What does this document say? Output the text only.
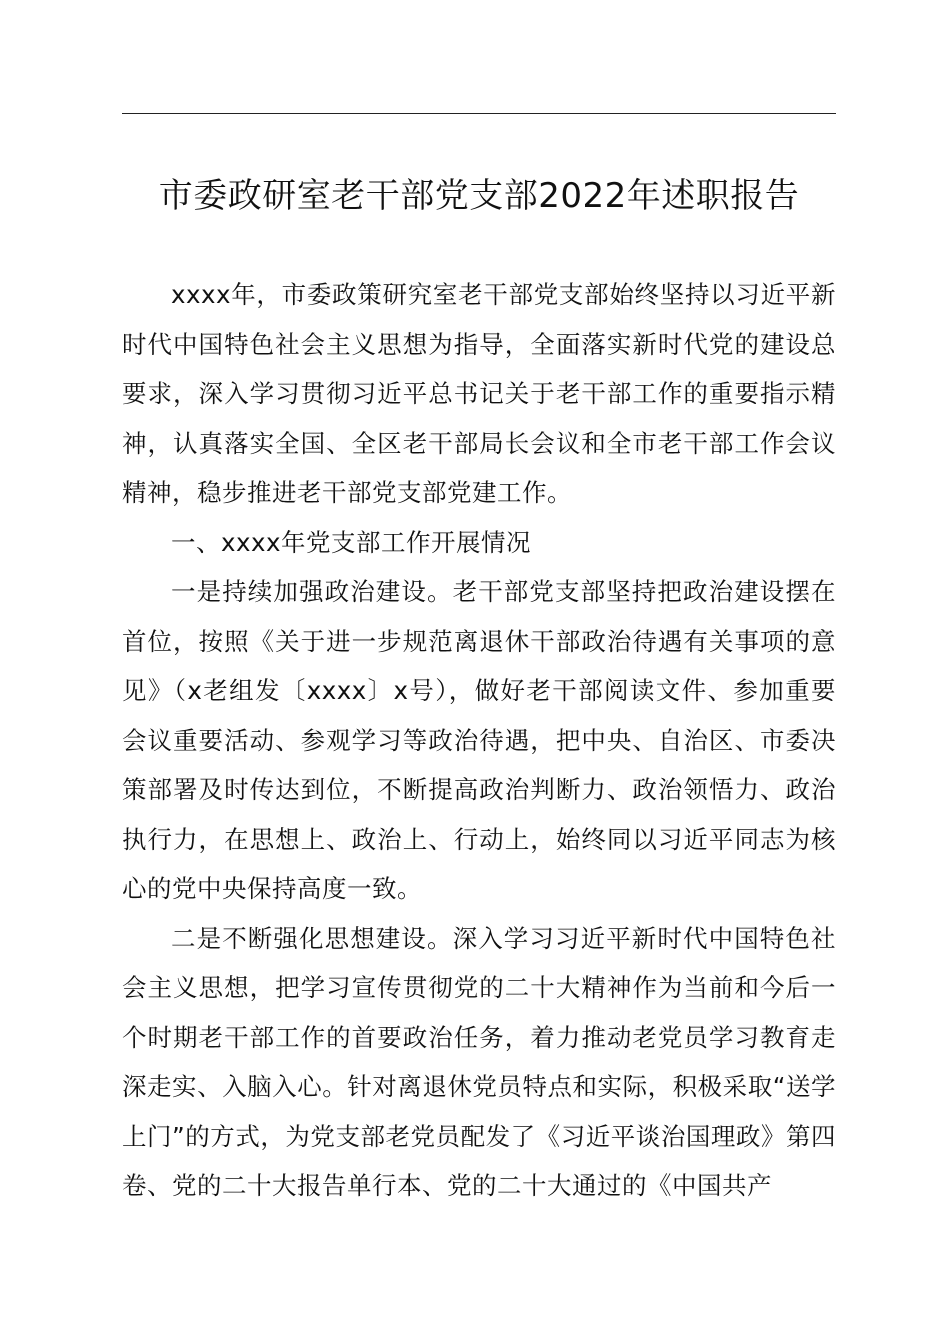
市委政研室老干部党支部2022年述职报告

xxxx年，市委政策研究室老干部党支部始终坚持以习近平新时代中国特色社会主义思想为指导，全面落实新时代党的建设总要求，深入学习贯彻习近平总书记关于老干部工作的重要指示精神，认真落实全国、全区老干部局长会议和全市老干部工作会议精神，稳步推进老干部党支部党建工作。

一、xxxx年党支部工作开展情况

一是持续加强政治建设。老干部党支部坚持把政治建设摆在首位，按照《关于进一步规范离退休干部政治待遇有关事项的意见》（x老组发〔xxxx〕x号），做好老干部阅读文件、参加重要会议重要活动、参观学习等政治待遇，把中央、自治区、市委决策部署及时传达到位，不断提高政治判断力、政治领悟力、政治执行力，在思想上、政治上、行动上，始终同以习近平同志为核心的党中央保持高度一致。

二是不断强化思想建设。深入学习习近平新时代中国特色社会主义思想，把学习宣传贯彻党的二十大精神作为当前和今后一个时期老干部工作的首要政治任务，着力推动老党员学习教育走深走实、入脑入心。针对离退休党员特点和实际，积极采取“送学上门”的方式，为党支部老党员配发了《习近平谈治国理政》第四卷、党的二十大报告单行本、党的二十大通过的《中国共产
